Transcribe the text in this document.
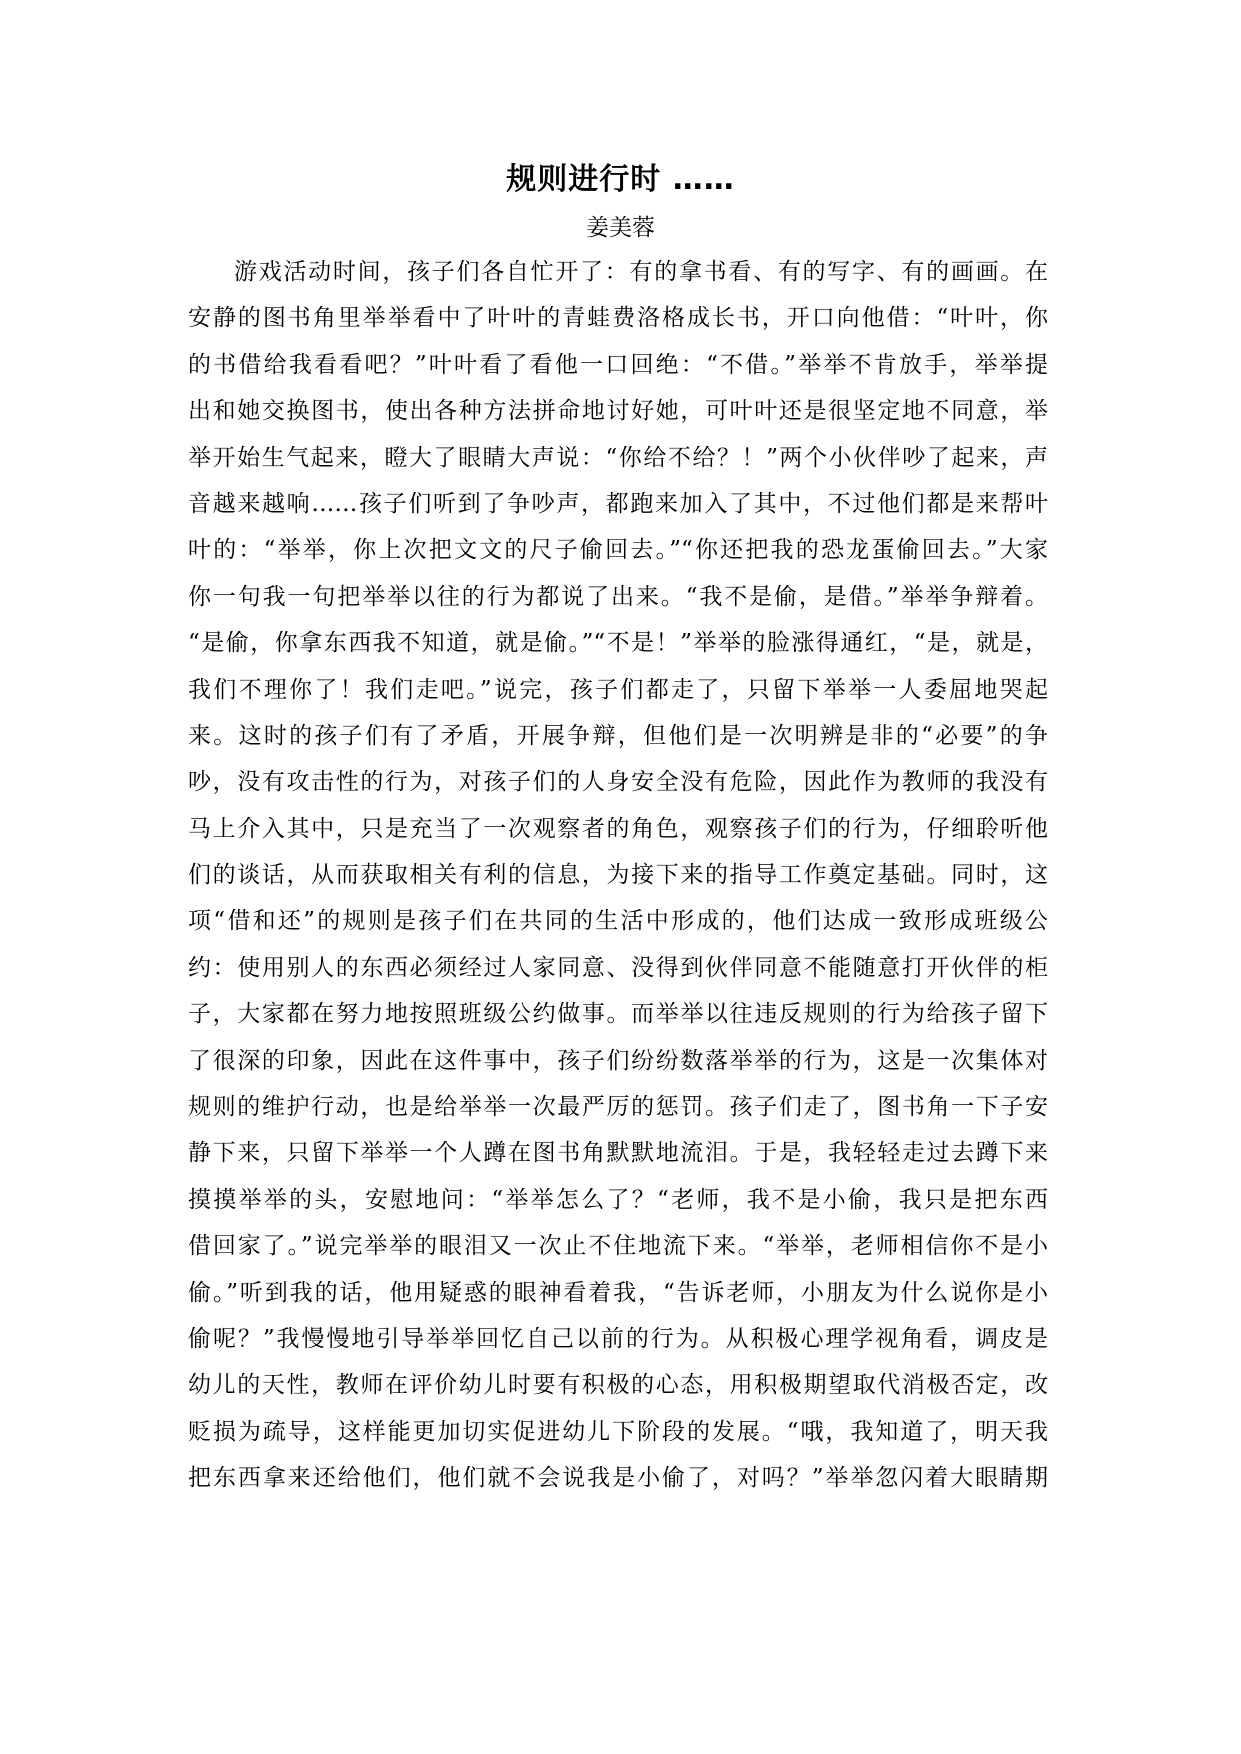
规则进行时 ……
姜美蓉
游戏活动时间，孩子们各自忙开了：有的拿书看、有的写字、有的画画。在
安静的图书角里举举看中了叶叶的青蛙费洛格成长书，开口向他借：“叶叶，你
的书借给我看看吧？”叶叶看了看他一口回绝：“不借。”举举不肯放手，举举提
出和她交换图书，使出各种方法拼命地讨好她，可叶叶还是很坚定地不同意，举
举开始生气起来，瞪大了眼睛大声说：“你给不给？！”两个小伙伴吵了起来，声
音越来越响……孩子们听到了争吵声，都跑来加入了其中，不过他们都是来帮叶
叶的：“举举，你上次把文文的尺子偷回去。”“你还把我的恐龙蛋偷回去。”大家
你一句我一句把举举以往的行为都说了出来。“我不是偷，是借。”举举争辩着。
“是偷，你拿东西我不知道，就是偷。”“不是！”举举的脸涨得通红，“是，就是，
我们不理你了！我们走吧。”说完，孩子们都走了，只留下举举一人委屈地哭起
来。这时的孩子们有了矛盾，开展争辩，但他们是一次明辨是非的“必要”的争
吵，没有攻击性的行为，对孩子们的人身安全没有危险，因此作为教师的我没有
马上介入其中，只是充当了一次观察者的角色，观察孩子们的行为，仔细聆听他
们的谈话，从而获取相关有利的信息，为接下来的指导工作奠定基础。同时，这
项“借和还”的规则是孩子们在共同的生活中形成的，他们达成一致形成班级公
约：使用别人的东西必须经过人家同意、没得到伙伴同意不能随意打开伙伴的柜
子，大家都在努力地按照班级公约做事。而举举以往违反规则的行为给孩子留下
了很深的印象，因此在这件事中，孩子们纷纷数落举举的行为，这是一次集体对
规则的维护行动，也是给举举一次最严厉的惩罚。孩子们走了，图书角一下子安
静下来，只留下举举一个人蹲在图书角默默地流泪。于是，我轻轻走过去蹲下来
摸摸举举的头，安慰地问：“举举怎么了？“老师，我不是小偷，我只是把东西
借回家了。”说完举举的眼泪又一次止不住地流下来。“举举，老师相信你不是小
偷。”听到我的话，他用疑惑的眼神看着我，“告诉老师，小朋友为什么说你是小
偷呢？”我慢慢地引导举举回忆自己以前的行为。从积极心理学视角看，调皮是
幼儿的天性，教师在评价幼儿时要有积极的心态，用积极期望取代消极否定，改
贬损为疏导，这样能更加切实促进幼儿下阶段的发展。“哦，我知道了，明天我
把东西拿来还给他们，他们就不会说我是小偷了，对吗？”举举忽闪着大眼睛期
